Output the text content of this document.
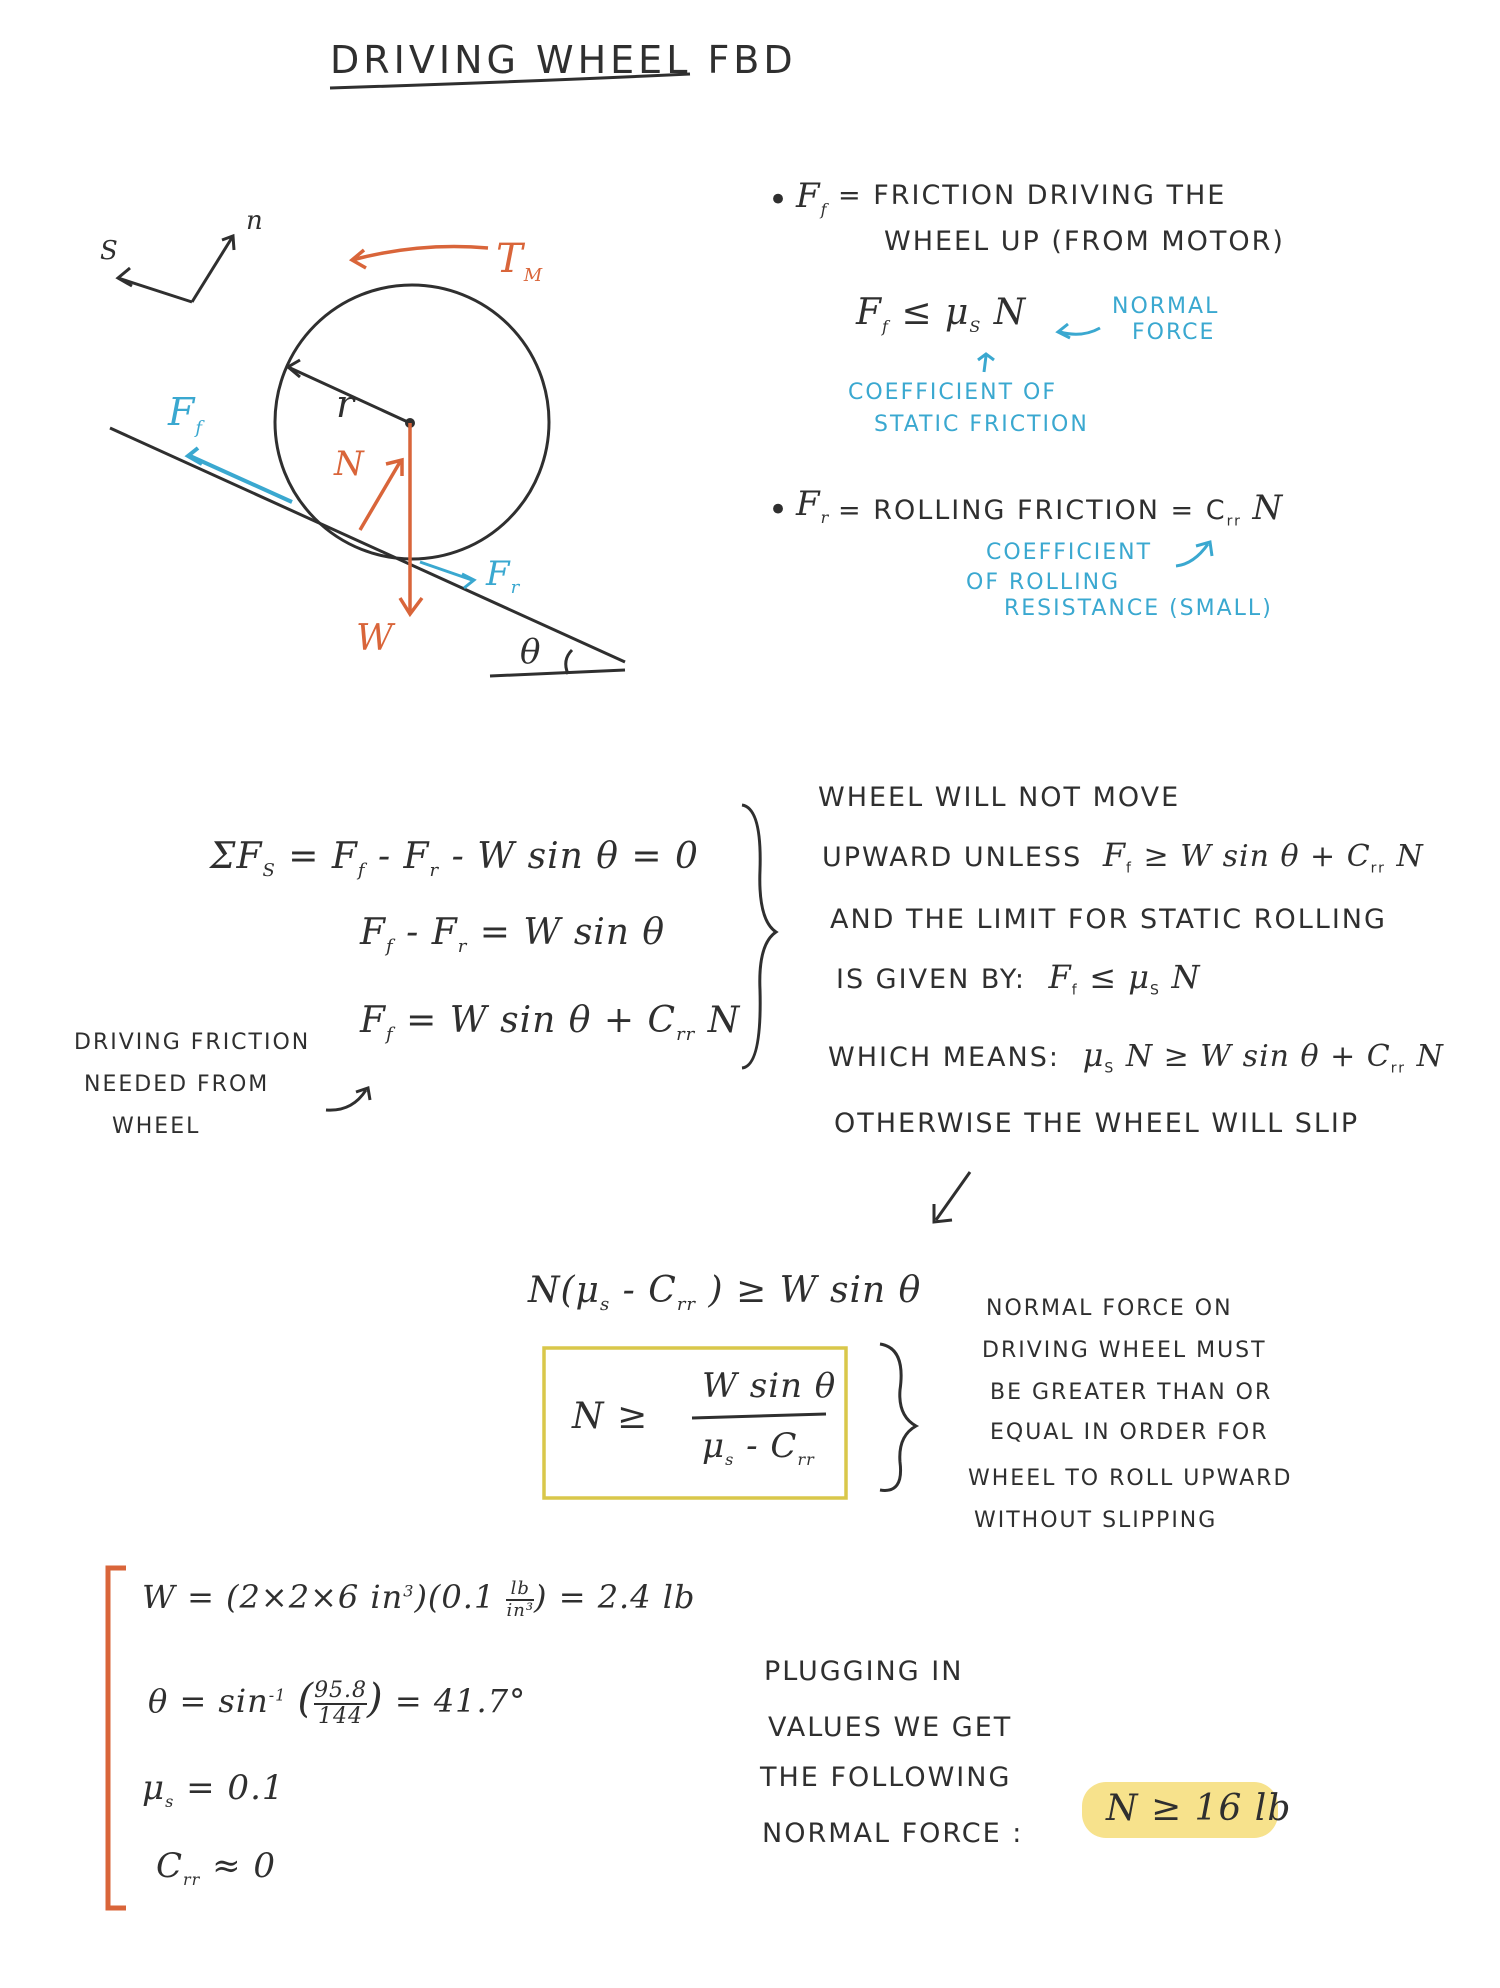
DRIVING WHEEL FBD
S
n
$T_M$
r
N
W
$F_f$
$F_r$
θ
• $F_f$ = FRICTION DRIVING THE
WHEEL UP (FROM MOTOR)
$F_f \le \mu_S$ N	NORMAL
FORCE
COEFFICIENT OF
STATIC FRICTION
• $F_r$ = ROLLING FRICTION = $C_{rr}$ N
COEFFICIENT
OF ROLLING
RESISTANCE (SMALL)
$\Sigma F_S = F_f - F_r - W$ sin θ = 0
$F_f - F_r = W$ sin θ
$F_f = W$ $\sin \theta + C_{rr}$ N
DRIVING FRICTION
NEEDED FROM
WHEEL
WHEEL WILL NOT MOVE
UPWARD UNLESS $F_f \ge W$ $\sin \theta + C_{rr}$ N
AND THE LIMIT FOR STATIC ROLLING
IS GIVEN BY: $F_f \le \mu_S$ N
WHICH MEANS: $\mu_S$ N ≥ W $\sin \theta + C_{rr}$ N
OTHERWISE THE WHEEL WILL SLIP
$N(\mu_s - C_{rr}$ ) ≥ W sin θ
N ≥
W sin θ
$\mu_s - C_{rr}$
NORMAL FORCE ON
DRIVING WHEEL MUST
BE GREATER THAN OR
EQUAL IN ORDER FOR
WHEEL TO ROLL UPWARD
WITHOUT SLIPPING
W = (2×2×6 $in^3)(0.1 \frac{lb}{\text{in³}}$ ) = 2.4 lb
$\theta = \sin^{-1}$ ( $\frac{95.8}{144}$ ) = 41.7°
$\mu_s = 0.1$
$C_{rr} \approx 0$
PLUGGING IN
VALUES WE GET
THE FOLLOWING
NORMAL FORCE :
N ≥ 16 lb
